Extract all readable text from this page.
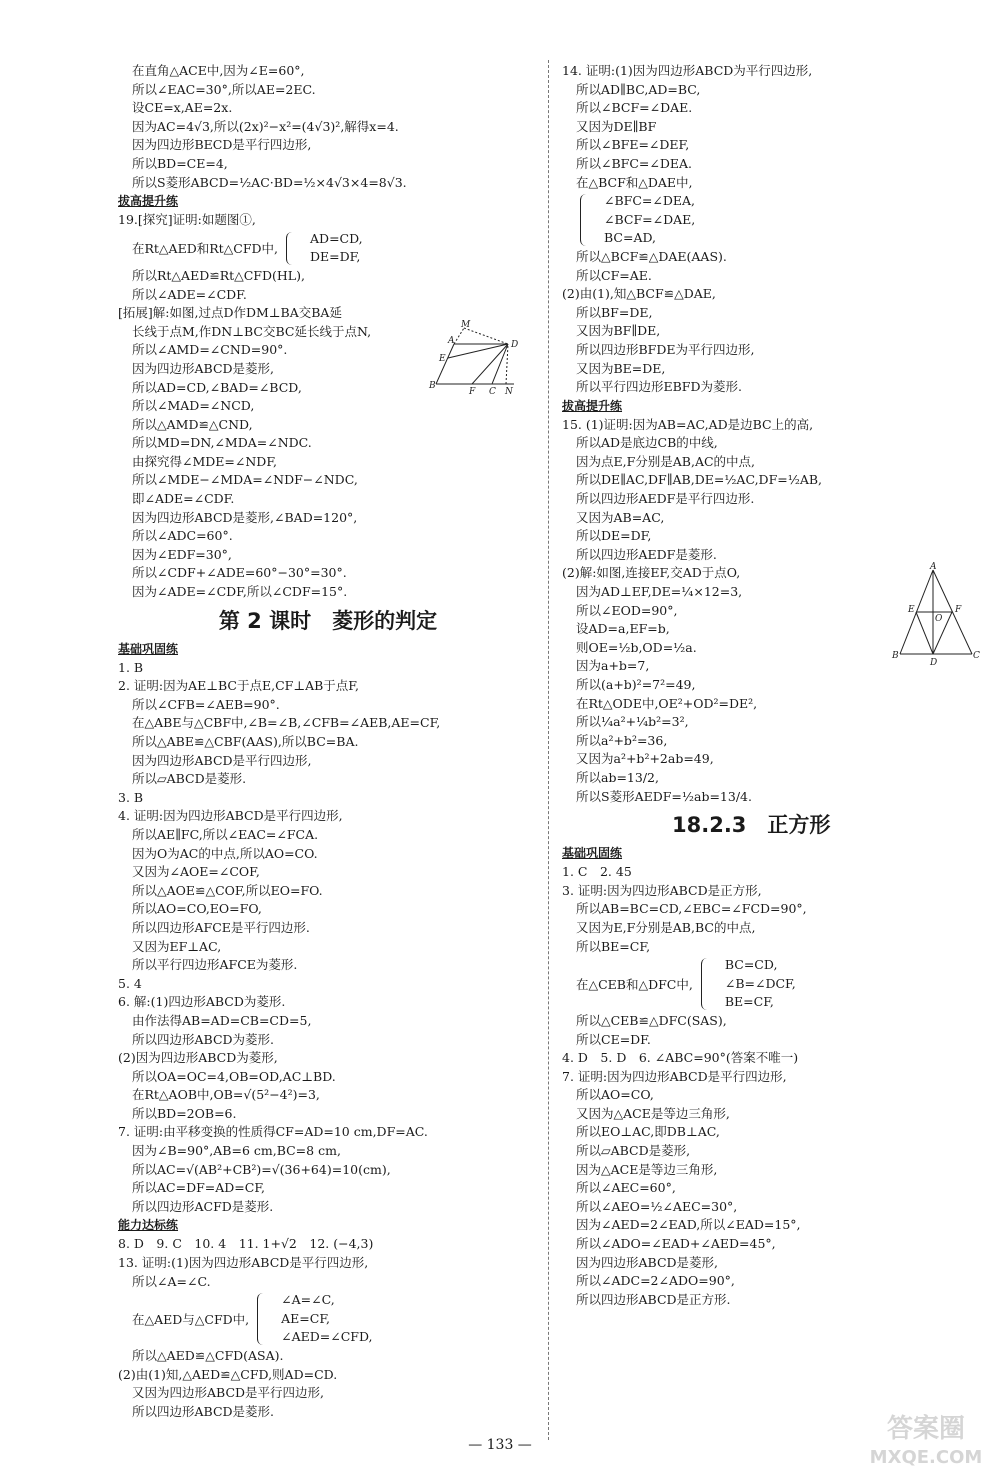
在直角△ACE中,因为∠E=60°,
所以∠EAC=30°,所以AE=2EC.
设CE=x,AE=2x.
因为AC=4√3,所以(2x)²−x²=(4√3)²,解得x=4.
因为四边形BECD是平行四边形,
所以BD=CE=4,
所以S菱形ABCD=½AC·BD=½×4√3×4=8√3.
拔高提升练
19.[探究]证明:如题图①,
在Rt△AED和Rt△CFD中,
AD=CD,
DE=DF,
所以Rt△AED≌Rt△CFD(HL),
所以∠ADE=∠CDF.
[拓展]解:如图,过点D作DM⊥BA交BA延
长线于点M,作DN⊥BC交BC延长线于点N,
所以∠AMD=∠CND=90°.
因为四边形ABCD是菱形,
所以AD=CD,∠BAD=∠BCD,
所以∠MAD=∠NCD,
所以△AMD≌△CND,
所以MD=DN,∠MDA=∠NDC.
由探究得∠MDE=∠NDF,
所以∠MDE−∠MDA=∠NDF−∠NDC,
即∠ADE=∠CDF.
因为四边形ABCD是菱形,∠BAD=120°,
所以∠ADC=60°.
因为∠EDF=30°,
所以∠CDF+∠ADE=60°−30°=30°.
因为∠ADE=∠CDF,所以∠CDF=15°.
第 2 课时　菱形的判定
基础巩固练
1. B
2. 证明:因为AE⊥BC于点E,CF⊥AB于点F,
所以∠CFB=∠AEB=90°.
在△ABE与△CBF中,∠B=∠B,∠CFB=∠AEB,AE=CF,
所以△ABE≌△CBF(AAS),所以BC=BA.
因为四边形ABCD是平行四边形,
所以▱ABCD是菱形.
3. B
4. 证明:因为四边形ABCD是平行四边形,
所以AE∥FC,所以∠EAC=∠FCA.
因为O为AC的中点,所以AO=CO.
又因为∠AOE=∠COF,
所以△AOE≌△COF,所以EO=FO.
所以AO=CO,EO=FO,
所以四边形AFCE是平行四边形.
又因为EF⊥AC,
所以平行四边形AFCE为菱形.
5. 4
6. 解:(1)四边形ABCD为菱形.
由作法得AB=AD=CB=CD=5,
所以四边形ABCD为菱形.
(2)因为四边形ABCD为菱形,
所以OA=OC=4,OB=OD,AC⊥BD.
在Rt△AOB中,OB=√(5²−4²)=3,
所以BD=2OB=6.
7. 证明:由平移变换的性质得CF=AD=10 cm,DF=AC.
因为∠B=90°,AB=6 cm,BC=8 cm,
所以AC=√(AB²+CB²)=√(36+64)=10(cm),
所以AC=DF=AD=CF,
所以四边形ACFD是菱形.
能力达标练
8. D　9. C　10. 4　11. 1+√2　12. (−4,3)
13. 证明:(1)因为四边形ABCD是平行四边形,
所以∠A=∠C.
在△AED与△CFD中,
∠A=∠C,
AE=CF,
∠AED=∠CFD,
所以△AED≌△CFD(ASA).
(2)由(1)知,△AED≌△CFD,则AD=CD.
又因为四边形ABCD是平行四边形,
所以四边形ABCD是菱形.
14. 证明:(1)因为四边形ABCD为平行四边形,
所以AD∥BC,AD=BC,
所以∠BCF=∠DAE.
又因为DE∥BF
所以∠BFE=∠DEF,
所以∠BFC=∠DEA.
在△BCF和△DAE中,
∠BFC=∠DEA,
∠BCF=∠DAE,
BC=AD,
所以△BCF≌△DAE(AAS).
所以CF=AE.
(2)由(1),知△BCF≌△DAE,
所以BF=DE,
又因为BF∥DE,
所以四边形BFDE为平行四边形,
又因为BE=DE,
所以平行四边形EBFD为菱形.
拔高提升练
15. (1)证明:因为AB=AC,AD是边BC上的高,
所以AD是底边CB的中线,
因为点E,F分别是AB,AC的中点,
所以DE∥AC,DF∥AB,DE=½AC,DF=½AB,
所以四边形AEDF是平行四边形.
又因为AB=AC,
所以DE=DF,
所以四边形AEDF是菱形.
(2)解:如图,连接EF,交AD于点O,
因为AD⊥EF,DE=¼×12=3,
所以∠EOD=90°,
设AD=a,EF=b,
则OE=½b,OD=½a.
因为a+b=7,
所以(a+b)²=7²=49,
在Rt△ODE中,OE²+OD²=DE²,
所以¼a²+¼b²=3²,
所以a²+b²=36,
又因为a²+b²+2ab=49,
所以ab=13/2,
所以S菱形AEDF=½ab=13/4.
18.2.3　正方形
基础巩固练
1. C　2. 45
3. 证明:因为四边形ABCD是正方形,
所以AB=BC=CD,∠EBC=∠FCD=90°,
又因为E,F分别是AB,BC的中点,
所以BE=CF,
在△CEB和△DFC中,
BC=CD,
∠B=∠DCF,
BE=CF,
所以△CEB≌△DFC(SAS),
所以CE=DF.
4. D　5. D　6. ∠ABC=90°(答案不唯一)
7. 证明:因为四边形ABCD是平行四边形,
所以AO=CO,
又因为△ACE是等边三角形,
所以EO⊥AC,即DB⊥AC,
所以▱ABCD是菱形,
因为△ACE是等边三角形,
所以∠AEC=60°,
所以∠AEO=½∠AEC=30°,
因为∠AED=2∠EAD,所以∠EAD=15°,
所以∠ADO=∠EAD+∠AED=45°,
因为四边形ABCD是菱形,
所以∠ADC=2∠ADO=90°,
所以四边形ABCD是正方形.
M
A	D
E
B
F C N
A
E	F
O
B
D
C
— 133 —
答案圈
MXQE.COM
